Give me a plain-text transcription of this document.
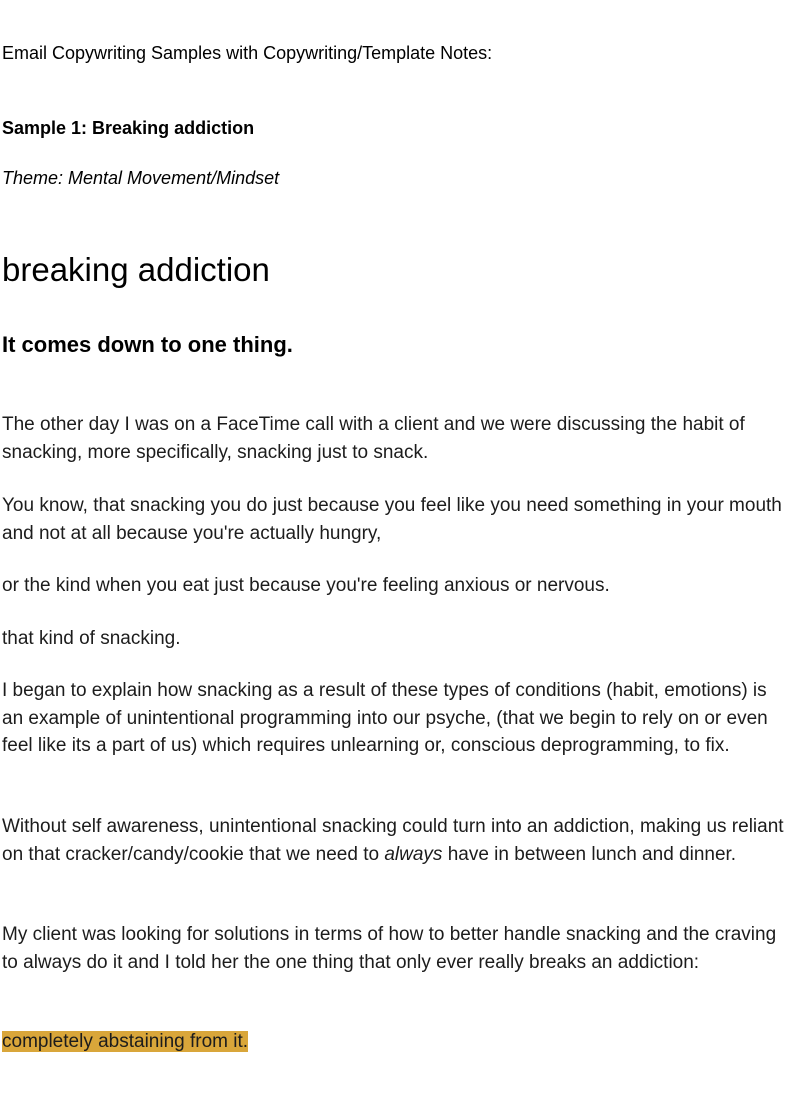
Email Copywriting Samples with Copywriting/Template Notes:
Sample 1: Breaking addiction
Theme: Mental Movement/Mindset
breaking addiction
It comes down to one thing.

The other day I was on a FaceTime call with a client and we were discussing the habit of snacking, more specifically, snacking just to snack.

You know, that snacking you do just because you feel like you need something in your mouth and not at all because you're actually hungry,

or the kind when you eat just because you're feeling anxious or nervous.

that kind of snacking.

I began to explain how snacking as a result of these types of conditions (habit, emotions) is an example of unintentional programming into our psyche, (that we begin to rely on or even feel like its a part of us) which requires unlearning or, conscious deprogramming, to fix.

Without self awareness, unintentional snacking could turn into an addiction, making us reliant on that cracker/candy/cookie that we need to always have in between lunch and dinner.

My client was looking for solutions in terms of how to better handle snacking and the craving to always do it and I told her the one thing that only ever really breaks an addiction:

completely abstaining from it.
